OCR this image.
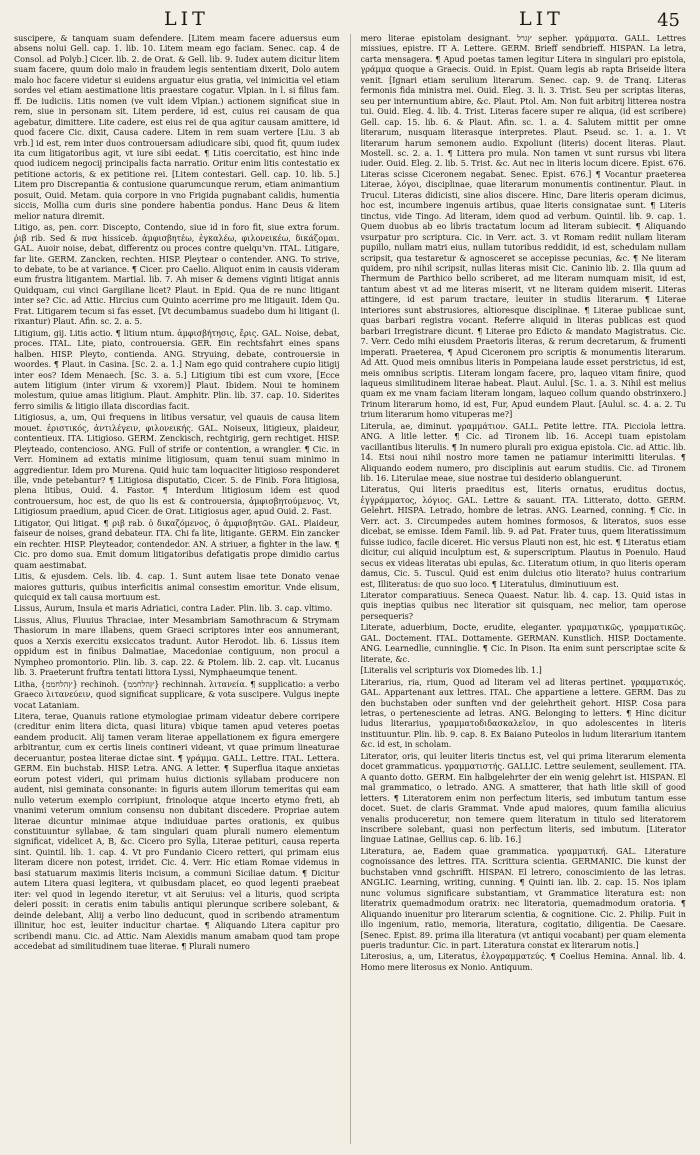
LIT	LIT	45

suscipere, & tanquam suam defendere. [Litem meam facere aduersus eum absens nolui Gell. cap. 1. lib. 10. Litem meam ego faciam. Senec. cap. 4 de Consol. ad Polyb.] Cicer. lib. 2. de Orat. & Gell. lib. 9. Iudex autem dicitur litem suam facere, quum dolo malo in fraudem legis sententiam dixerit, Dolo autem malo hoc facere videtur si euidens arguatur eius gratia, vel inimicitia vel etiam sordes vel etiam aestimatione litis praestare cogatur. Vlpian. in l. si filius fam. ff. De iudiciis. Litis nomen (ve vult idem Vlpian.) actionem significat siue in rem, siue in personam sit. Litem perdere, id est, cuius rei causam de qua agebatur, dimittere. Lite cadere, est eius rei de qua agitur causam amittere, id quod facere Cic. dixit, Causa cadere. Litem in rem suam vertere [Liu. 3 ab vrb.] id est, rem inter duos controuersam adiudicare sibi, quod fit, quum iudex ita cum litigatoribus agit, vt iure sibi eedat. ¶ Litis coercitatio, est hinc inde quod iudicem negocij principalis facta narratio. Oritur enim litis contestatio ex petitione actoris, & ex petitione rei. [Litem contestari. Gell. cap. 10. lib. 5.] Litem pro Discrepantia & contusione quarumcunque rerum, etiam animantium posuit, Ouid. Metam. quia corpore in vno Frigida pugnabant calidis, humentia siccis, Mollia cum duris sine pondere habentia pondus. Hanc Deus & litem melior natura diremit.

Litigo, as, pen. corr. Discepto, Contendo, siue id in foro fit, siue extra forum. ῥιβ rib. Sed & πνα hissiceb. ἀμφισβητέω, ἐγκαλέω, φιλονεικέω, δικάζομαι. GAL. Auoir noise, debat, differentz ou proces contre quelqu'vn. ITAL. Litigare, far lite. GERM. Zancken, rechten. HISP. Pleytear o contender. ANG. To strive, to debate, to be at variance. ¶ Cicer. pro Caelio. Aliquot enim in causis videram eum frustra litigantem. Martial. lib. 7. Ah miser & demens viginti litigat annis Quidquam, cui vinci Gargiliane licet? Plaut. in Epid. Qua de re nunc litigant inter se? Cic. ad Attic. Hircius cum Quinto acerrime pro me litigauit. Idem Qu. Frat. Litigarem tecum si fas esset. [Vt decumbamus suadebo dum hi litigant (l. rixantur) Plaut. Afin. sc. 2. a. 5.

Litigium, gij. Litis actio. ¶ litium ntum. ἀμφισβήτησις, ἔρις. GAL. Noise, debat, proces. ITAL. Lite, piato, controuersia. GER. Ein rechtsfahrt eines spans halben. HISP. Pleyto, contienda. ANG. Stryuing, debate, controuersie in woordes. ¶ Plaut. in Casina. [Sc. 2. a. 1.] Nam ego quid contrahere cupio litigij inter eos? Idem Menaech. [Sc. 3. a. 5.] Litigium tibi est cum vxore, [Ecce autem litigium (inter virum & vxorem)] Plaut. Ibidem. Noui te hominem molestum, quiue amas litigium. Plaut. Amphitr. Plin. lib. 37. cap. 10. Siderites ferro similis & litigio illata discordias facit.

Litigiosus, a, um, Qui frequens in litibus versatur, vel quauis de causa litem mouet. ἐριστικός, ἀντιλέγειν, φιλονεικής. GAL. Noiseux, litigieux, plaideur, contentieux. ITA. Litigioso. GERM. Zenckisch, rechtgirig, gern rechtiget. HISP. Pleyteado, contencioso. ANG. Full of strife or contention, a wrangler. ¶ Cic. in Verr. Hominem ad extatis minime litigiosum, quam tenui suam minimo in aggredientur. Idem pro Murena. Quid huic tam loquaciter litigioso responderet ille, vnde petebantur? ¶ Litigiosa disputatio, Cicer. 5. de Finib. Fora litigiosa, plena litibus, Ouid. 4. Fastor. ¶ Interdum litigiosum idem est quod controuersum, hoc est, de quo lis est & controuersia, ἀμφισβητούμενος. Vt, Litigiosum praedium, apud Cicer. de Orat. Litigiosus ager, apud Ouid. 2. Fast.

Litigator, Qui litigat. ¶ ριβ rab. ὁ δικαζόμενος, ὁ ἀμφισβητῶν. GAL. Plaideur, faiseur de noises, grand debateur. ITA. Chi fa lite, litigante. GERM. Ein zancker ein rechter. HISP. Pleyteador, contendedor. AN. A striuer, a fighter in the law. ¶ Cic. pro domo sua. Emit domum litigatoribus defatigatis prope dimidio carius quam aestimabat.

Litis, & ejusdem. Cels. lib. 4. cap. 1. Sunt autem lisae tete Donato venae maiores gutturis, quibus interficitis animal consestim emoritur. Vnde elisum, quicquid ex tali causa mortuum est.

Lissus, Aurum, Insula et maris Adriatici, contra Lader. Plin. lib. 3. cap. vltimo.

Lissus, Alius, Fluuius Thraciae, inter Mesambriam Samothracum & Strymam Thasiorum in mare illabens, quem Graeci scriptores inter eos annumerant, quos a Xerxis exercitu exsiccatos tradunt. Autor Herodot. lib. 6. Lissus item oppidum est in finibus Dalmatiae, Macedoniae contiguum, non procul a Nympheo promontorio. Plin. lib. 3. cap. 22. & Ptolem. lib. 2. cap. vlt. Lucanus lib. 3. Praeterunt fruftra tentati littora Lyssi, Nymphaeumque tenent.

Litha, {ץהלחממ} rechinoh. {ץהלחממ} rechinnah. λιτανεία. ¶ supplicatio: a verbo Graeco λιτανεύειν, quod significat supplicare, & vota suscipere. Vulgus inepte vocat Lataniam.

Litera, terae, Quanuis ratione etymologiae primam videatur debere corripere (creditur enim litera dicta, quasi litura) vbique tamen apud veteres poetas eandem producit. Alij tamen veram literae appellationem ex figura emergere arbitrantur, cum ex certis lineis contineri videant, vt quae primum lineaturae deceruantur, postea literae dictae sint. ¶ γράμμα. GALL. Lettre. ITAL. Lettera. GERM. Ein buchstab. HISP. Letra. ANG. A letter. ¶ Superflua itaque anxietas eorum potest videri, qui primam huius dictionis syllabam producere non audent, nisi geminata consonante: in figuris autem illorum temeritas qui eam nullo veterum exemplo corripiunt, frinoloque atque incerto etymo freti, ab vnanimi veterum omnium consensu non dubitant discedere. Propriae autem literae dicuntur minimae atque indiuiduae partes orationis, ex quibus constituuntur syllabae, & tam singulari quam plurali numero elementum significat, videlicet A, B, &c. Cicero pro Sylla, Literae petituri, causa reperta sint. Quintil. lib. 1. cap. 4. Vt pro Fundanio Cicero retteri, qui primam eius literam dicere non potest, irridet. Cic. 4. Verr. Hic etiam Romae videmus in basi statuarum maximis literis incisum, a communi Siciliae datum. ¶ Dicitur autem Litera quasi legitera, vt quibusdam placet, eo quod legenti praebeat iter: vel quod in legendo iteretur, vt ait Seruius: vel a lituris, quod scripta deleri possit: in ceratis enim tabulis antiqui plerunque scribere solebant, & deinde delebant, Aliij a verbo lino deducunt, quod in scribendo atramentum illinitur, hoc est, leuiter inducitur chartae. ¶ Aliquando Litera capitur pro scribendi manu. Cic. ad Attic. Nam Alexidis manum amabam quod tam prope accedebat ad similitudinem tuae literae. ¶ Plurali numero

mero literae epistolam designant. ץגרל sepher. γράμματα. GALL. Lettres missiues, epistre. IT A. Lettere. GERM. Brieff sendbrieff. HISPAN. La letra, carta mensagera. ¶ Apud poetas tamen legitur Litera in singulari pro epistola, γράμμα quoque a Graecis. Ouid. in Epist. Quam legis ab rapta Briseide litera venit. [Ignari etiam serulium literarum. Senec. cap. 9. de Tranq. Literas fermonis fida ministra mei. Ouid. Eleg. 3. li. 3. Trist. Seu per scriptas literas, seu per internuntium abire, &c. Plaut. Ptol. Am. Non fuit arbitrij litterea nostra tui. Ouid. Eleg. 4. lib. 4. Trist. Literas facere super re aliqua, (id est scribere) Gell. cap. 15. lib. 6. & Plaut. Afin. sc. 1. a. 4. Salutem mittit per omne literarum, nusquam literasque interpretes. Plaut. Pseud. sc. 1. a. 1. Vt literarum harum semonem audio. Expoliunt (literis) docent literas. Plaut. Mostell. sc. 2. a. 1. ¶ Littera pro mula. Non tamen vt sunt rursus vbi litera iuder. Ouid. Eleg. 2. lib. 5. Trist. &c. Aut nec in literis locum dicere. Epist. 676. Literas scisse Ciceronem negabat. Senec. Epist. 676.] ¶ Vocantur praeterea Literae, λόγοι, disciplinae, quae literarum monumentis continentur. Plaut. in Trucul. Literas didicisti, sine alios discere. Hinc, Dare literis operam dicimus, hoc est, incumbere ingenuis artibus, quae literis consignatae sunt. ¶ Literis tinctus, vide Tingo. Ad literam, idem quod ad verbum. Quintil. lib. 9. cap. 1. Quem duobus ab eo libris tractatum locum ad literam subiecit. ¶ Aliquando vsurpatur pro scriptura. Cic. in Verr. act. 3. vt Romam rediit nullam literam pupillo, nullam matri eius, nullam tutoribus reddidit, id est, schedulam nullam scripsit, qua testaretur & agnosceret se accepisse pecunias, &c. ¶ Ne literam quidem, pro nihil scripsit, nullas literas misit Cic. Caninio lib. 2. Illa quum ad Thermum de Parthico bello scriberet, ad me literam numquam misit, id est, tantum abest vt ad me literas miserit, vt ne literam quidem miserit. Literas attingere, id est parum tractare, leuiter in studiis literarum. ¶ Literae interiores sunt abstrusiores, altioresque disciplinae. ¶ Literae publicae sunt, quas barbari registra vocant. Referre aliquid in literas publicas est quod barbari Irregistrare dicunt. ¶ Literae pro Edicto & mandato Magistratus. Cic. 7. Verr. Cedo mihi eiusdem Praetoris literas, & rerum decretarum, & frumenti imperati. Praeterea, ¶ Apud Ciceronem pro scriptis & monumentis literarum. Ad Att. Quod meis omnibus literis in Pompeiana laude esset perstrictus, id est, meis omnibus scriptis. Literam longam facere, pro, laqueo vitam finire, quod laqueus similitudinem literae habeat. Plaut. Aulul. [Sc. 1. a. 3. Nihil est melius quam ex me vnam faciam literam longam, laqueo collum quando obstrinxero.] Trinum literarum homo, id est, Fur, Apud eundem Plaut. [Aulul. sc. 4. a. 2. Tu trium literarum homo vituperas me?]

Literula, ae, diminut. γραμμάτιον. GALL. Petite lettre. ITA. Picciola lettra. ANG. A litle letter. ¶ Cic. ad Tironem lib. 16. Accepi tuam epistolam vacillantibus literulis. ¶ In numero plurali pro exigua epistola. Cic. ad Attic. lib. 14. Etsi noui nihil nostro more tamen ne patiamur interimitti literulas. ¶ Aliquando eodem numero, pro disciplinis aut earum studiis. Cic. ad Tironem lib. 16. Literulae meae, siue nostrae tui desiderio oblanguerunt.

Literatus, Qui literis praeditus est, literis ornatus, eruditus doctus, ἐγγράμματος, λόγιος. GAL. Lettre & sauant. ITA. Litterato, dotto. GERM. Gelehrt. HISPA. Letrado, hombre de letras. ANG. Learned, conning. ¶ Cic. in Verr. act. 3. Circumpedes autem homines formosos, & literatos, suos esse dicebat, se emisse. Idem Famil. lib. 9. ad Pat. Frater tuus, quem literatissimum fuisse iudico, facile diceret. Hic versus Plauti non est, hic est. ¶ Literatus etiam dicitur, cui aliquid inculptum est, & superscriptum. Plautus in Poenulo. Haud secus ex videas literatas ubi epulas, &c. Literatum otium, in quo literis operam damus, Cic. 5. Tuscul. Quid est enim dulcius otio literato? huius contrarium est, Illiteratus: de quo suo loco. ¶ Literatulus, diminutiuum est.

Literator comparatiuus. Seneca Quaest. Natur. lib. 4. cap. 13. Quid istas in quis ineptias quibus nec literatior sit quisquam, nec melior, tam operose persequeris?

Literate, aduerbium, Docte, erudite, eleganter. γραμματικῶς, γραμματικῶς. GAL. Doctement. ITAL. Dottamente. GERMAN. Kunstlich. HISP. Doctamente. ANG. Learnedlie, cunninglie. ¶ Cic. In Pison. Ita enim sunt perscriptae scite & literate, &c.

[Literalis vel scripturis vox Diomedes lib. 1.]

Literarius, ria, rium, Quod ad literam vel ad literas pertinet. γραμματικός. GAL. Appartenant aux lettres. ITAL. Che appartiene a lettere. GERM. Das zu den buchstaben oder sunften vnd der gelehrtheit gehort. HISP. Cosa para letras, o pertenesciente ad letras. ANG. Belonging to letters. ¶ Hinc dicitur ludus literarius, γραμματοδιδασκαλεῖον, in quo adolescentes in literis instituuntur. Plin. lib. 9. cap. 8. Ex Baiano Puteolos in ludum literarium itantem &c. id est, in scholam.

Literator, oris, qui leuiter literis tinctus est, vel qui prima literarum elementa docet grammaticus. γραμματιστής. GALLIC. Lettre seulement, seullement. ITA. A quanto dotto. GERM. Ein halbgelehrter der ein wenig gelehrt ist. HISPAN. El mal grammatico, o letrado. ANG. A smatterer, that hath litle skill of good letters. ¶ Literatorem enim non perfectum literis, sed imbutum tantum esse docet. Suet. de claris Grammat. Vnde apud maiores, quum familia alicuius venalis produceretur, non temere quem literatum in titulo sed literatorem inscribere solebant, quasi non perfectum literis, sed imbutum. [Literator linguae Latinae, Gellius cap. 6. lib. 16.]

Literatura, ae, Eadem quae grammatica. γραμματική. GAL. Literature cognoissance des lettres. ITA. Scrittura scientia. GERMANIC. Die kunst der buchstaben vnnd gschrifft. HISPAN. El letrero, conoscimiento de las letras. ANGLIC. Learning, writing, cunning. ¶ Quinti ian. lib. 2. cap. 15. Nos iplam nunc volumus significare substantiam, vt Grammatice literatura est: non literatrix quemadmodum oratrix: nec literatoria, quemadmodum oratoria. ¶ Aliquando inuenitur pro literarum scientia, & cognitione. Cic. 2. Philip. Fuit in illo ingenium, ratio, memoria, literatura, cogitatio, diligentia. De Caesare. [Senec. Epist. 89. prima illa literatura (vt antiqui vocabant) per quam elementa pueris traduntur. Cic. in part. Literatura constat ex literarum notis.]

Literosius, a, um, Literatus, ἐλογραμματεύς. ¶ Coelius Hemina. Annal. lib. 4. Homo mere literosus ex Nonio. Antiquum.
